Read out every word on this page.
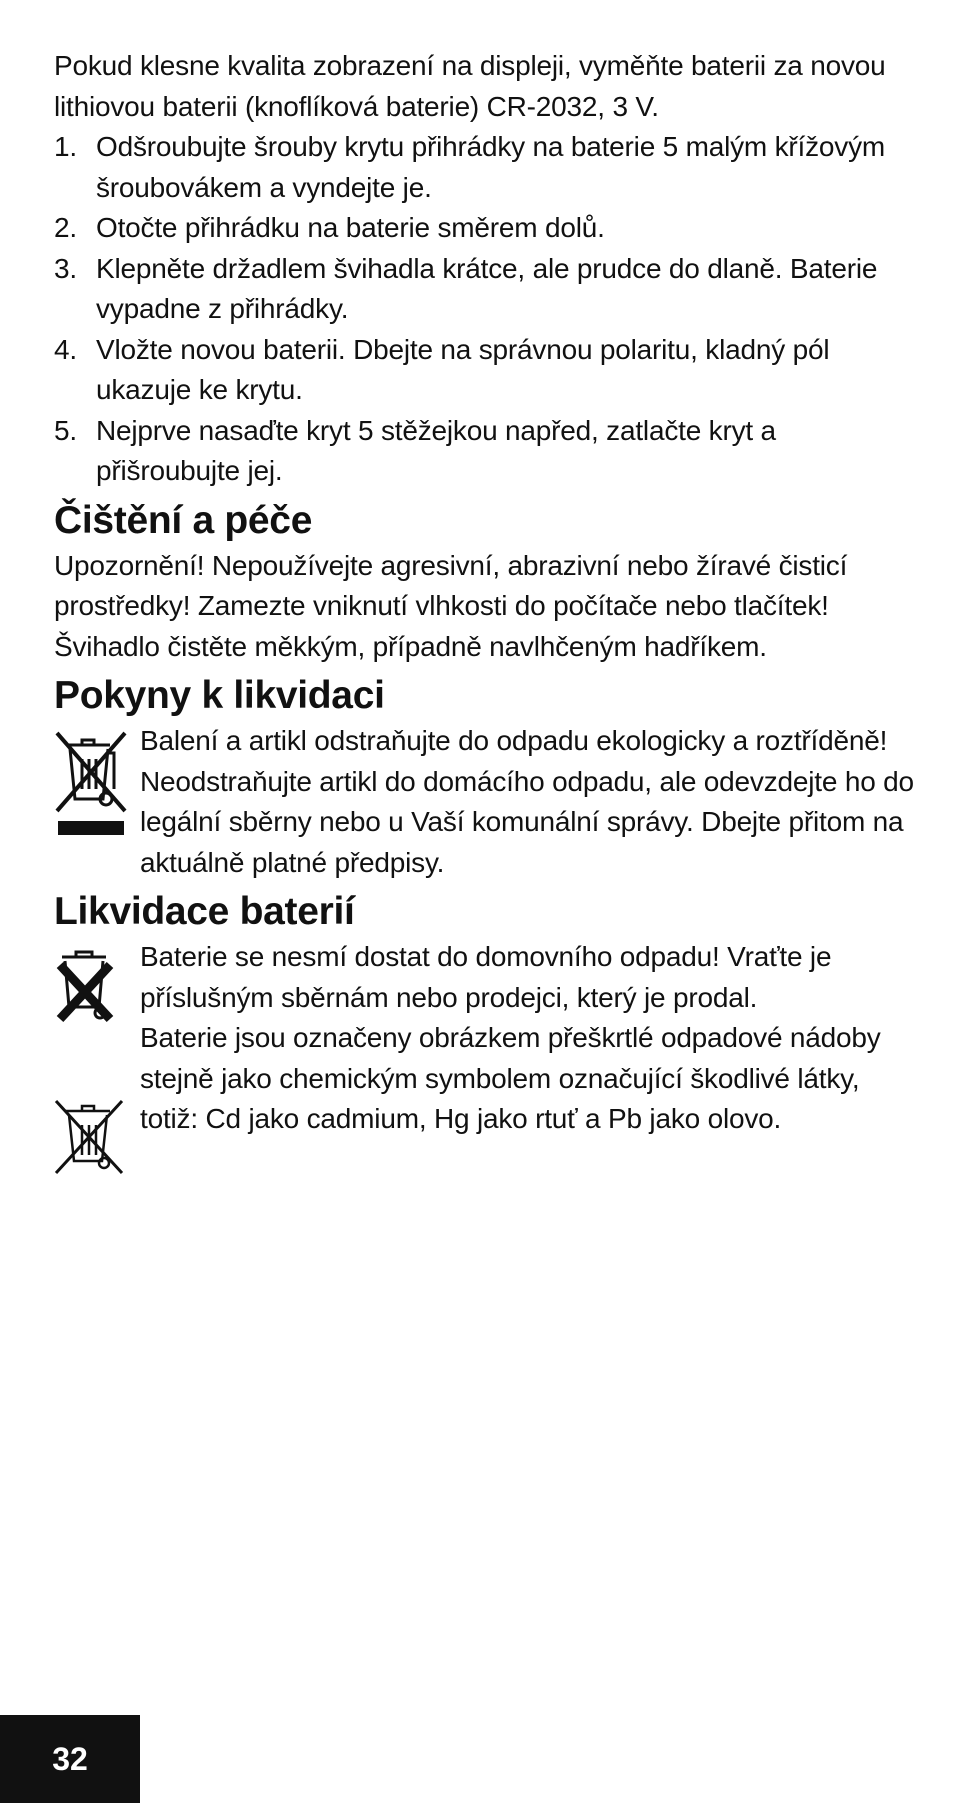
Pokud klesne kvalita zobrazení na displeji, vyměňte baterii za novou lithiovou baterii (knoflíková baterie) CR-2032, 3 V.

1. Odšroubujte šrouby krytu přihrádky na baterie 5 malým křížovým šroubovákem a vyndejte je.
2. Otočte přihrádku na baterie směrem dolů.
3. Klepněte držadlem švihadla krátce, ale prudce do dlaně. Baterie vypadne z přihrádky.
4. Vložte novou baterii. Dbejte na správnou polaritu, kladný pól ukazuje ke krytu.
5. Nejprve nasaďte kryt 5 stěžejkou napřed, zatlačte kryt a přišroubujte jej.
Čištění a péče

Upozornění! Nepoužívejte agresivní, abrazivní nebo žíravé čisticí prostředky! Zamezte vniknutí vlhkosti do počítače nebo tlačítek! Švihadlo čistěte měkkým, případně navlhčeným hadříkem.

Pokyny k likvidaci

Balení a artikl odstraňujte do odpadu ekologicky a roztříděně! Neodstraňujte artikl do domácího odpadu, ale odevzdejte ho do legální sběrny nebo u Vaší komunální správy. Dbejte přitom na aktuálně platné předpisy.

Likvidace baterií

Baterie se nesmí dostat do domovního odpadu! Vraťte je příslušným sběrnám nebo prodejci, který je prodal.

Baterie jsou označeny obrázkem přeškrtlé odpadové nádoby stejně jako chemickým symbolem označující škodlivé látky, totiž: Cd jako cadmium, Hg jako rtuť a Pb jako olovo.

32
